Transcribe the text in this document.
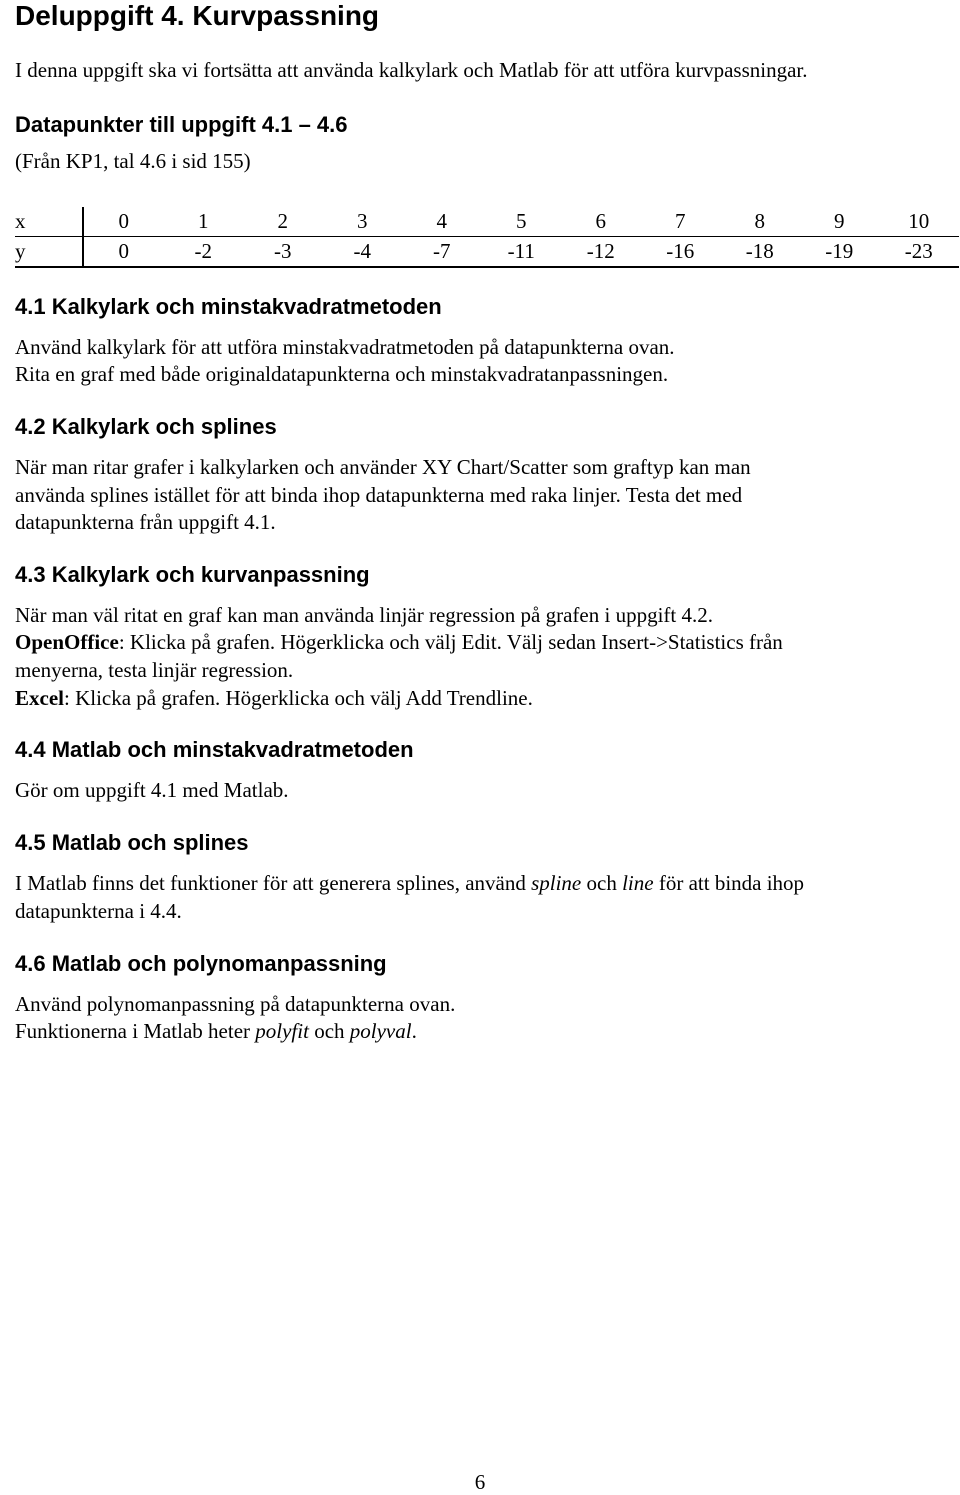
Deluppgift 4. Kurvpassning

I denna uppgift ska vi fortsätta att använda kalkylark och Matlab för att utföra kurvpassningar.

Datapunkter till uppgift 4.1 – 4.6

(Från KP1, tal 4.6 i sid 155)

x	0	1	2	3	4	5	6	7	8	9	10
y	0	-2	-3	-4	-7	-11	-12	-16	-18	-19	-23
4.1 Kalkylark och minstakvadratmetoden

Använd kalkylark för att utföra minstakvadratmetoden på datapunkterna ovan.

Rita en graf med både originaldatapunkterna och minstakvadratanpassningen.

4.2 Kalkylark och splines

När man ritar grafer i kalkylarken och använder XY Chart/Scatter som graftyp kan man

använda splines istället för att binda ihop datapunkterna med raka linjer. Testa det med

datapunkterna från uppgift 4.1.

4.3 Kalkylark och kurvanpassning

När man väl ritat en graf kan man använda linjär regression på grafen i uppgift 4.2.

OpenOffice: Klicka på grafen. Högerklicka och välj Edit. Välj sedan Insert->Statistics från

menyerna, testa linjär regression.

Excel: Klicka på grafen. Högerklicka och välj Add Trendline.

4.4 Matlab och minstakvadratmetoden

Gör om uppgift 4.1 med Matlab.

4.5 Matlab och splines

I Matlab finns det funktioner för att generera splines, använd spline och line för att binda ihop

datapunkterna i 4.4.

4.6 Matlab och polynomanpassning

Använd polynomanpassning på datapunkterna ovan.

Funktionerna i Matlab heter polyfit och polyval.

6
